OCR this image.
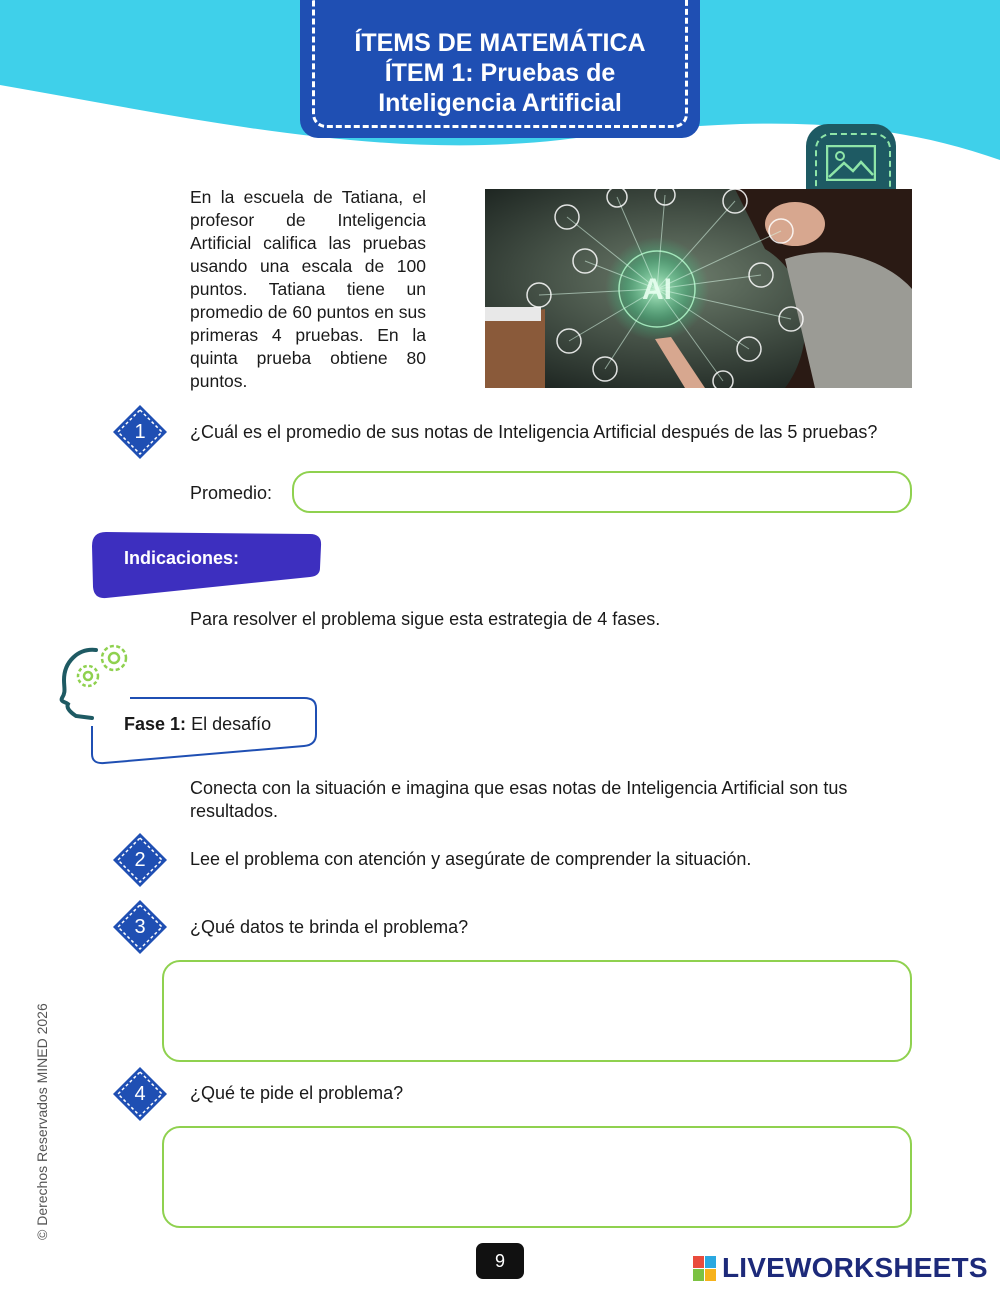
ÍTEMS DE MATEMÁTICA
ÍTEM 1: Pruebas de
Inteligencia Artificial
En la escuela de Tatiana, el profesor de Inteligencia Artificial califica las pruebas usando una escala de 100 puntos. Tatiana tiene un promedio de 60 puntos en sus primeras 4 pruebas. En la quinta prueba obtiene 80 puntos.
AI
1	¿Cuál es el promedio de sus notas de Inteligencia Artificial después de las 5 pruebas?
Promedio:
Indicaciones:
Para resolver el problema sigue esta estrategia de 4 fases.
Fase 1: El desafío
Conecta con la situación e imagina que esas notas de Inteligencia Artificial son tus resultados.
2	Lee el problema con atención y asegúrate de comprender la situación.
3	¿Qué datos te brinda el problema?
4	¿Qué te pide el problema?
© Derechos Reservados MINED 2026
9	LIVEWORKSHEETS
